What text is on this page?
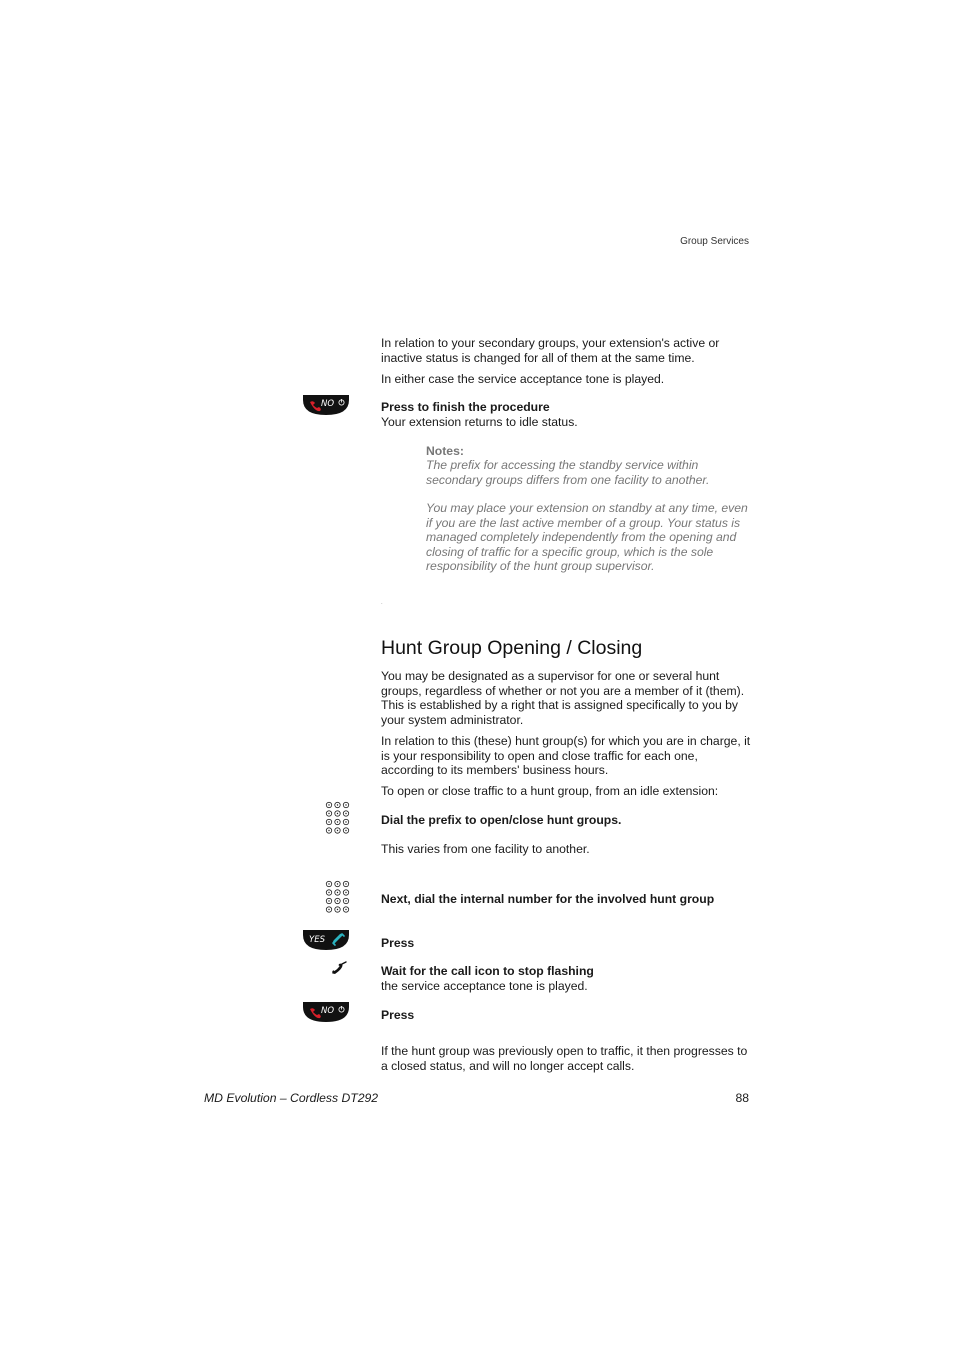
Group Services
In relation to your secondary groups, your extension's active or inactive status is changed for all of them at the same time.
In either case the service acceptance tone is played.
NO	Press to finish the procedure
Your extension returns to idle status.
Notes:
The prefix for accessing the standby service within secondary groups differs from one facility to another.
You may place your extension on standby at any time, even if you are the last active member of a group. Your status is managed completely independently from the opening and closing of traffic for a specific group, which is the sole responsibility of the hunt group supervisor.
.
Hunt Group Opening / Closing
You may be designated as a supervisor for one or several hunt groups, regardless of whether or not you are a member of it (them). This is established by a right that is assigned specifically to you by your system administrator.
In relation to this (these) hunt group(s) for which you are in charge, it is your responsibility to open and close traffic for each one, according to its members' business hours.
To open or close traffic to a hunt group, from an idle extension:
Dial the prefix to open/close hunt groups.
This varies from one facility to another.
Next, dial the internal number for the involved hunt group
YES	Press
Wait for the call icon to stop flashing
the service acceptance tone is played.
NO	Press
If the hunt group was previously open to traffic, it then progresses to a closed status, and will no longer accept calls.
MD Evolution – Cordless DT292	88
